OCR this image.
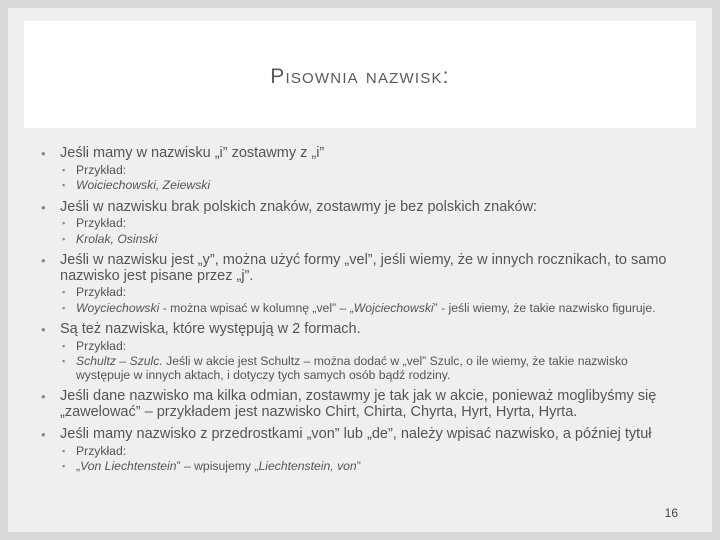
Pisownia nazwisk:
• Jeśli mamy w nazwisku „i” zostawmy z „i”
▪ Przykład:
▪ Woiciechowski, Zeiewski
• Jeśli w nazwisku brak polskich znaków, zostawmy je bez polskich znaków:
▪ Przykład:
▪ Krolak, Osinski
• Jeśli w nazwisku jest „y”, można użyć formy „vel”, jeśli wiemy, że w innych rocznikach, to samo nazwisko jest pisane przez „j”.
▪ Przykład:
▪ Woyciechowski - można wpisać w kolumnę „vel” – „Wojciechowski” - jeśli wiemy, że takie nazwisko figuruje.
• Są też nazwiska, które występują w 2 formach.
▪ Przykład:
▪ Schultz – Szulc. Jeśli w akcie jest Schultz – można dodać w „vel” Szulc, o ile wiemy, że takie nazwisko występuje w innych aktach, i dotyczy tych samych osób bądź rodziny.
• Jeśli dane nazwisko ma kilka odmian, zostawmy je tak jak w akcie, ponieważ moglibyśmy się „zawelować” – przykładem jest nazwisko Chirt, Chirta, Chyrta, Hyrt, Hyrta, Hyrta.
• Jeśli mamy nazwisko z przedrostkami „von” lub „de”, należy wpisać nazwisko, a później tytuł
▪ Przykład:
▪ „Von Liechtenstein” – wpisujemy „Liechtenstein, von”
16
